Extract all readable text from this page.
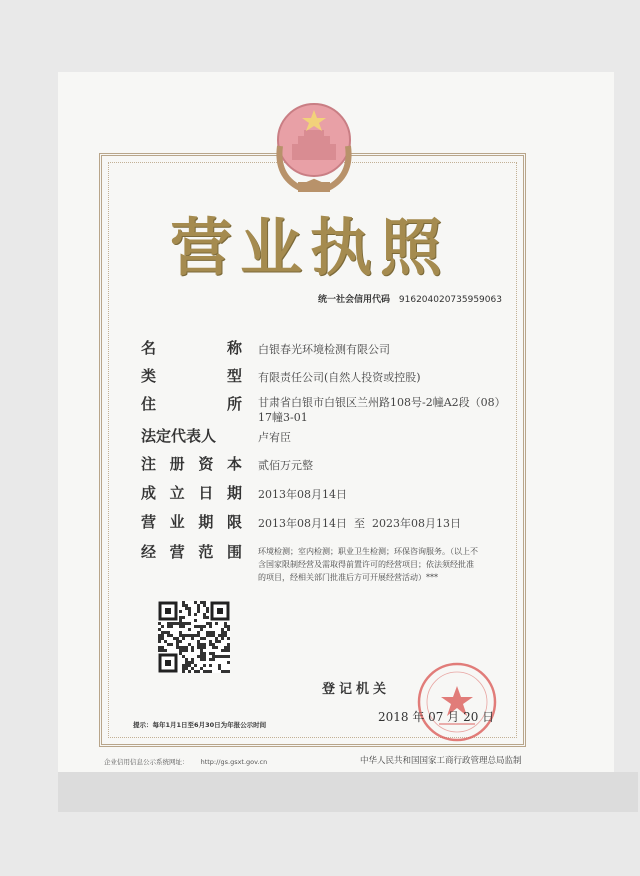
营业执照
统一社会信用代码 916204020735959063
名	称 白银春光环境检测有限公司
类	型 有限责任公司(自然人投资或控股)
住	所 甘肃省白银市白银区兰州路108号-2幢A2段（08）17幢3-01
法定代表人	卢宥臣
注 册 资 本 贰佰万元整
成 立 日 期 2013年08月14日
营 业 期 限 2013年08月14日  至  2023年08月13日
经 营 范 围 环境检测；室内检测；职业卫生检测；环保咨询服务。（以上不含国家限制经营及需取得前置许可的经营项目；依法须经批准的项目，经相关部门批准后方可开展经营活动）***
登记机关
2018 年 07 月 20 日
提示：每年1月1日至6月30日为年报公示时间
企业信用信息公示系统网址： http://gs.gsxt.gov.cn	中华人民共和国国家工商行政管理总局监制
